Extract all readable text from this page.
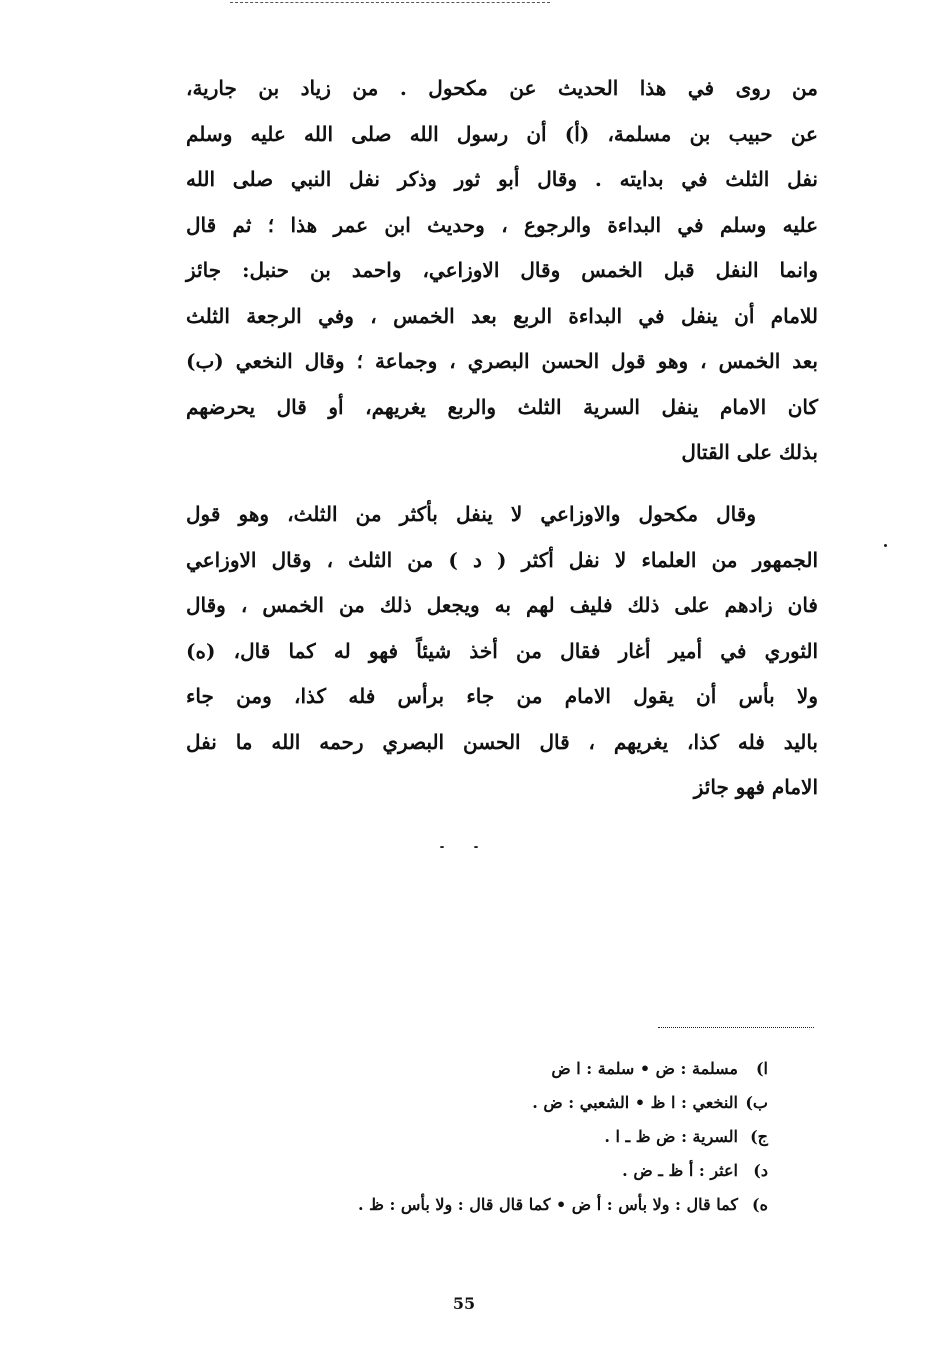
من روى في هذا الحديث عن مكحول . من زياد بن جارية،
عن حبيب بن مسلمة، (أ) أن رسول الله صلى الله عليه وسلم
نفل الثلث في بدايته . وقال أبو ثور وذكر نفل النبي صلى الله
عليه وسلم في البداءة والرجوع ، وحديث ابن عمر هذا ؛ ثم قال
وانما النفل قبل الخمس وقال الاوزاعي، واحمد بن حنبل: جائز
للامام أن ينفل في البداءة الربع بعد الخمس ، وفي الرجعة الثلث
بعد الخمس ، وهو قول الحسن البصري ، وجماعة ؛ وقال النخعي (ب)
كان الامام ينفل السرية الثلث والربع يغريهم، أو قال يحرضهم
بذلك على القتال
وقال مكحول والاوزاعي لا ينفل بأكثر من الثلث، وهو قول
الجمهور من العلماء لا نفل أكثر ( د ) من الثلث ، وقال الاوزاعي
فان زادهم على ذلك فليف لهم به ويجعل ذلك من الخمس ، وقال
الثوري في أمير أغار فقال من أخذ شيئاً فهو له كما قال، (ه)
ولا بأس أن يقول الامام من جاء برأس فله كذا، ومن جاء
باليد فله كذا، يغريهم ، قال الحسن البصري رحمه الله ما نفل
الامام فهو جائز
ا)مسلمة : ض • سلمة : ا ض
ب)النخعي : ا ظ • الشعبي : ض .
ج)السرية : ض ظ ـ ا .
د)اعثر : أ ظ ـ ض .
ه)كما قال : ولا بأس : أ ض • كما قال قال : ولا بأس : ظ .
55
